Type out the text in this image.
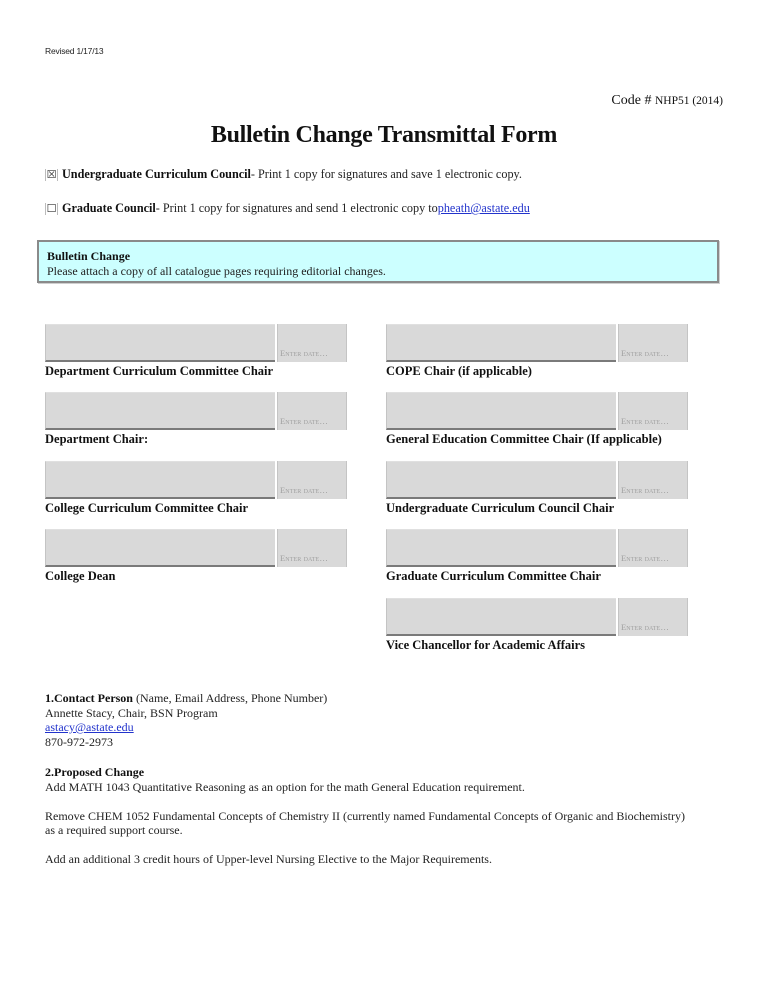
Revised 1/17/13
Code # NHP51 (2014)
Bulletin Change Transmittal Form
☒ Undergraduate Curriculum Council - Print 1 copy for signatures and save 1 electronic copy.
☐ Graduate Council - Print 1 copy for signatures and send 1 electronic copy to pheath@astate.edu
Bulletin Change
Please attach a copy of all catalogue pages requiring editorial changes.
Enter date…
Department Curriculum Committee Chair
Enter date…
Department Chair:
Enter date…
College Curriculum Committee Chair
Enter date…
College Dean
Enter date…
COPE Chair (if applicable)
Enter date…
General Education Committee Chair (If applicable)
Enter date…
Undergraduate Curriculum Council Chair
Enter date…
Graduate Curriculum Committee Chair
Enter date…
Vice Chancellor for Academic Affairs

1.Contact Person (Name, Email Address, Phone Number)

Annette Stacy, Chair, BSN Program

astacy@astate.edu

870-972-2973

2.Proposed Change

Add MATH 1043 Quantitative Reasoning as an option for the math General Education requirement.

Remove CHEM 1052 Fundamental Concepts of Chemistry II (currently named Fundamental Concepts of Organic and Biochemistry) as a required support course.

Add an additional 3 credit hours of Upper-level Nursing Elective to the Major Requirements.
